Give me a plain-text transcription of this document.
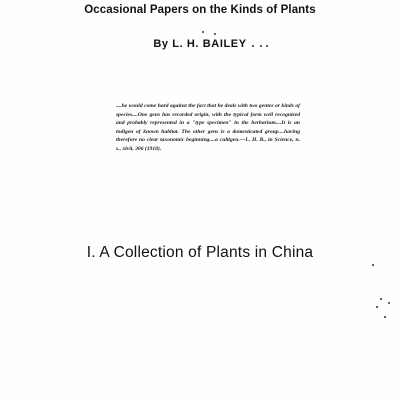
Occasional Papers on the Kinds of Plants
By L. H. BAILEY
....he would come hard against the fact that he deals with two gentes or kinds of species....One gens has recorded origin, with the typical form well recognized and probably represented in a "type specimen" in the herbarium....It is an indigen of known habitat. The other gens is a domesticated group....having therefore no clear taxonomic beginning....a cultigen.—L. H. B., in Science, n. s., xlvii, 306 (1918).
I. A Collection of Plants in China
